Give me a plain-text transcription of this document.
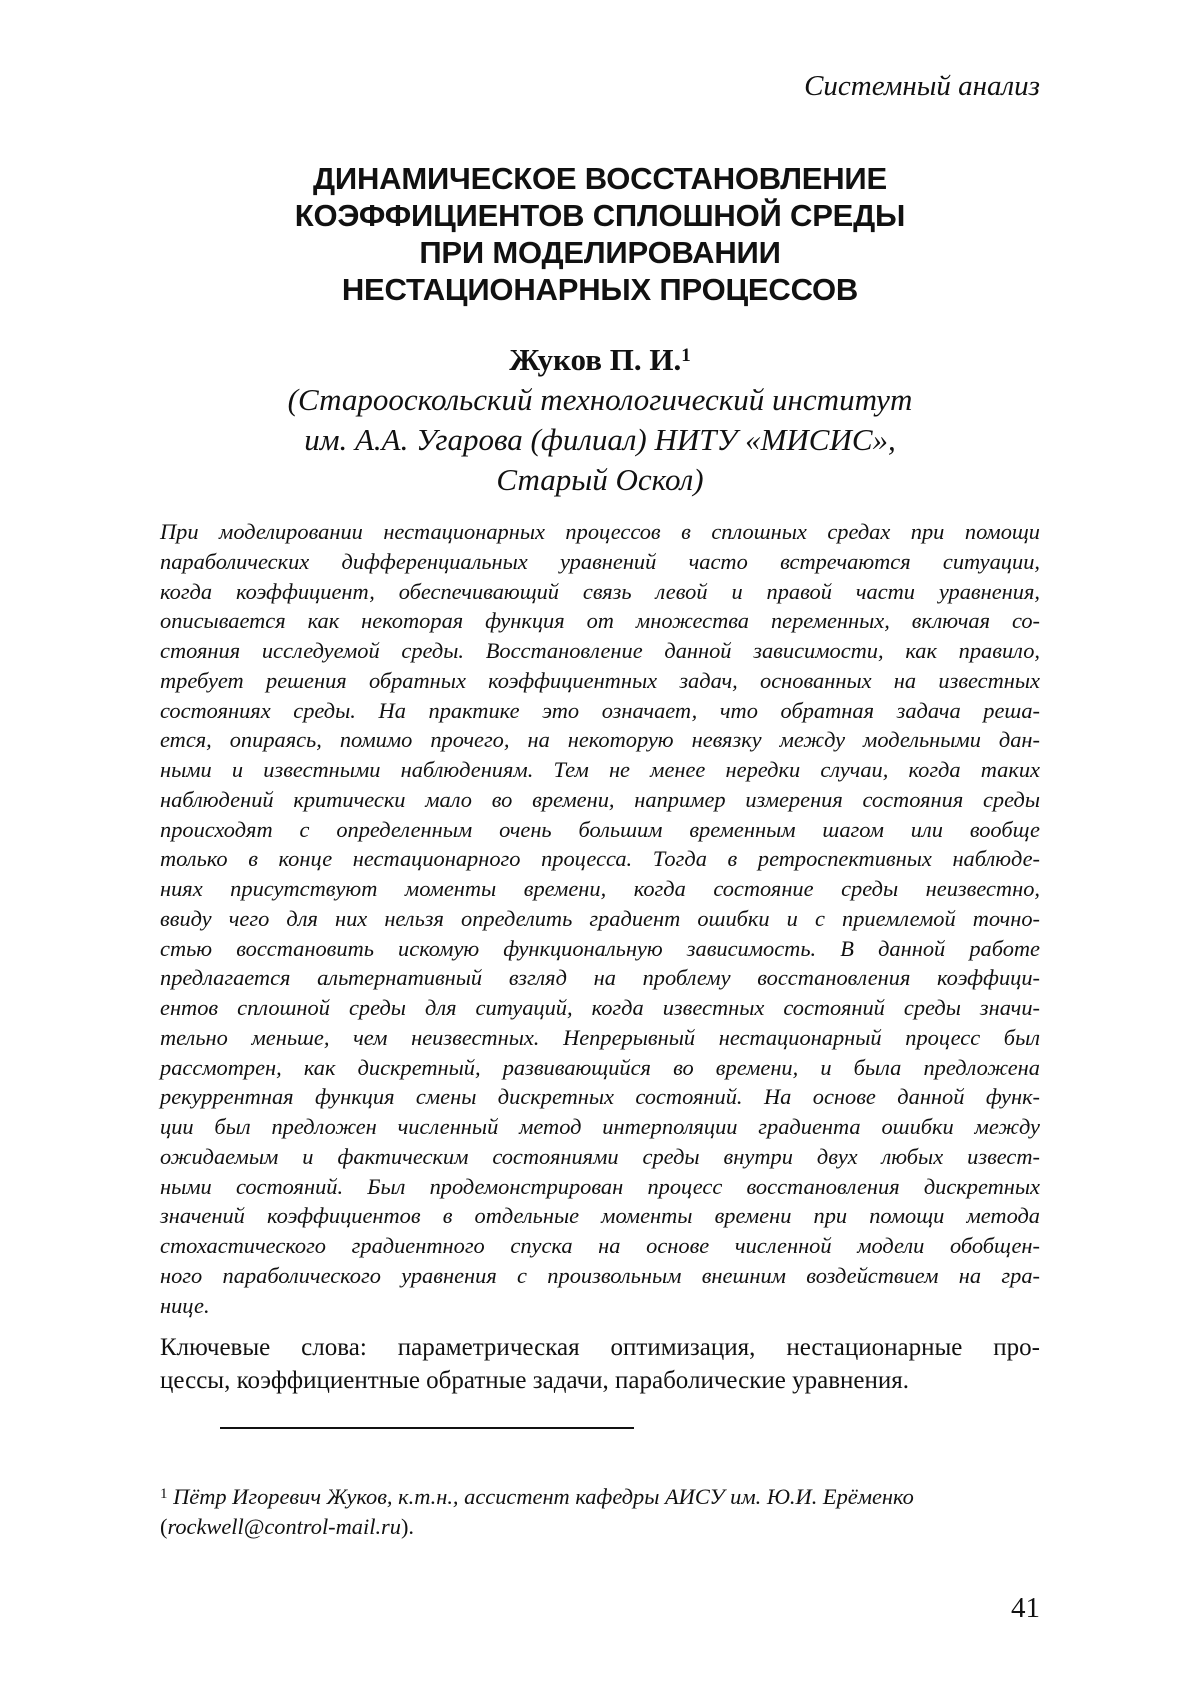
Системный анализ
ДИНАМИЧЕСКОЕ ВОССТАНОВЛЕНИЕ
КОЭФФИЦИЕНТОВ СПЛОШНОЙ СРЕДЫ
ПРИ МОДЕЛИРОВАНИИ
НЕСТАЦИОНАРНЫХ ПРОЦЕССОВ
Жуков П. И.$^1$
(Старооскольский технологический институт
им. А.А. Угарова (филиал) НИТУ «МИСИС»,
Старый Оскол)
При моделировании нестационарных процессов в сплошных средах при помощи
параболических дифференциальных уравнений часто встречаются ситуации,
когда коэффициент, обеспечивающий связь левой и правой части уравнения,
описывается как некоторая функция от множества переменных, включая со-
стояния исследуемой среды. Восстановление данной зависимости, как правило,
требует решения обратных коэффициентных задач, основанных на известных
состояниях среды. На практике это означает, что обратная задача реша-
ется, опираясь, помимо прочего, на некоторую невязку между модельными дан-
ными и известными наблюдениям. Тем не менее нередки случаи, когда таких
наблюдений критически мало во времени, например измерения состояния среды
происходят с определенным очень большим временным шагом или вообще
только в конце нестационарного процесса. Тогда в ретроспективных наблюде-
ниях присутствуют моменты времени, когда состояние среды неизвестно,
ввиду чего для них нельзя определить градиент ошибки и с приемлемой точно-
стью восстановить искомую функциональную зависимость. В данной работе
предлагается альтернативный взгляд на проблему восстановления коэффици-
ентов сплошной среды для ситуаций, когда известных состояний среды значи-
тельно меньше, чем неизвестных. Непрерывный нестационарный процесс был
рассмотрен, как дискретный, развивающийся во времени, и была предложена
рекуррентная функция смены дискретных состояний. На основе данной функ-
ции был предложен численный метод интерполяции градиента ошибки между
ожидаемым и фактическим состояниями среды внутри двух любых извест-
ными состояний. Был продемонстрирован процесс восстановления дискретных
значений коэффициентов в отдельные моменты времени при помощи метода
стохастического градиентного спуска на основе численной модели обобщен-
ного параболического уравнения с произвольным внешним воздействием на гра-
нице.
Ключевые слова: параметрическая оптимизация, нестационарные про-
цессы, коэффициентные обратные задачи, параболические уравнения.
$^1$ Пётр Игоревич Жуков, к.т.н., ассистент кафедры АИСУ им. Ю.И. Ерёменко
(rockwell@control-mail.ru).
41
